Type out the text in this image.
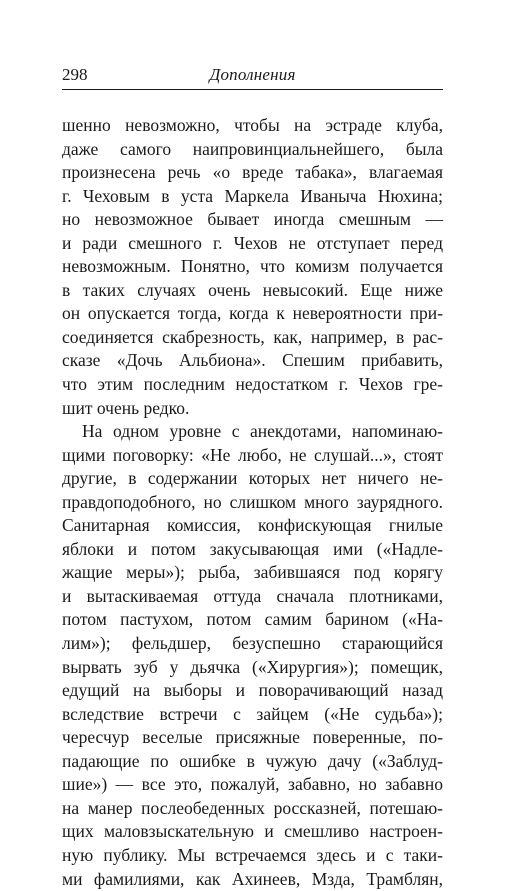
298	Дополнения
шенно невозможно, чтобы на эстраде клуба,
даже самого наипровинциальнейшего, была
произнесена речь «о вреде табака», влагаемая
г. Чеховым в уста Маркела Иваныча Нюхина;
но невозможное бывает иногда смешным —
и ради смешного г. Чехов не отступает перед
невозможным. Понятно, что комизм получается
в таких случаях очень невысокий. Еще ниже
он опускается тогда, когда к невероятности при-
соединяется скабрезность, как, например, в рас-
сказе «Дочь Альбиона». Спешим прибавить,
что этим последним недостатком г. Чехов гре-
шит очень редко.
На одном уровне с анекдотами, напоминаю-
щими поговорку: «Не любо, не слушай...», стоят
другие, в содержании которых нет ничего не-
правдоподобного, но слишком много заурядного.
Санитарная комиссия, конфискующая гнилые
яблоки и потом закусывающая ими («Надле-
жащие меры»); рыба, забившаяся под корягу
и вытаскиваемая оттуда сначала плотниками,
потом пастухом, потом самим барином («На-
лим»); фельдшер, безуспешно старающийся
вырвать зуб у дьячка («Хирургия»); помещик,
едущий на выборы и поворачивающий назад
вследствие встречи с зайцем («Не судьба»);
чересчур веселые присяжные поверенные, по-
падающие по ошибке в чужую дачу («Заблуд-
шие») — все это, пожалуй, забавно, но забавно
на манер послеобеденных россказней, потешаю-
щих маловзыскательную и смешливо настроен-
ную публику. Мы встречаемся здесь и с таки-
ми фамилиями, как Ахинеев, Мзда, Трамблян,
